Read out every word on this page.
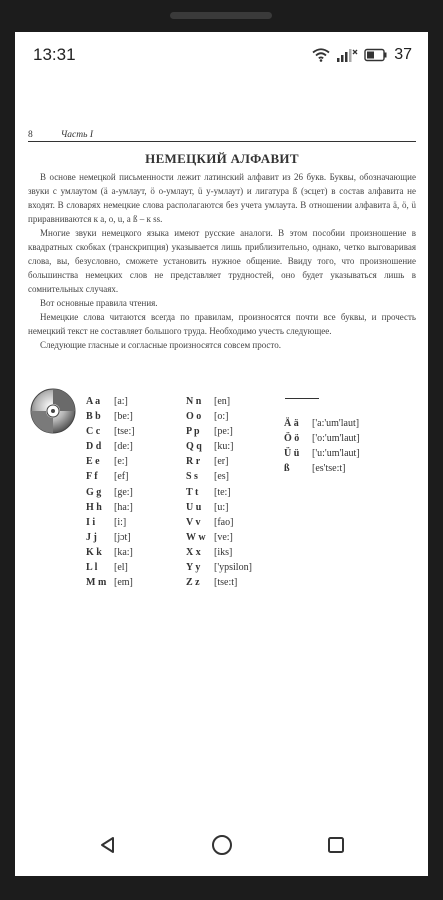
13:31	37
8	Часть I
НЕМЕЦКИЙ АЛФАВИТ

В основе немецкой письменности лежит латинский алфавит из 26 букв. Буквы, обозначающие звуки с умлаутом (ä а-умлаут, ö о-умлаут, ü у-умлаут) и лигатура ß (эсцет) в состав алфавита не входят. В словарях немецкие слова располагаются без учета умлаута. В отношении алфавита ä, ö, ü приравниваются к a, o, u, а ß – к ss.

Многие звуки немецкого языка имеют русские аналоги. В этом пособии произношение в квадратных скобках (транскрипция) указывается лишь приблизительно, однако, четко выговаривая слова, вы, безусловно, сможете установить нужное общение. Ввиду того, что произношение большинства немецких слов не представляет трудностей, оно будет указываться лишь в сомнительных случаях.

Вот основные правила чтения.

Немецкие слова читаются всегда по правилам, произносятся почти все буквы, и прочесть немецкий текст не составляет большого труда. Необходимо учесть следующее.

Следующие гласные и согласные произносятся совсем просто.

A a	[a:]
B b	[be:]
C c	[tse:]
D d	[de:]
E e	[e:]
F f	[ef]
G g	[ge:]
H h	[ha:]
I i	[i:]
J j	[jɔt]
K k	[ka:]
L l	[el]
M m [em]
N n	[en]
O o	[o:]
P p	[pe:]
Q q	[ku:]
R r	[er]
S s	[es]
T t	[te:]
U u	[u:]
V v	[fao]
W w [ve:]
X x	[iks]
Y y	['ypsilon]
Z z	[tse:t]
Ä ä	['a:'um'laut]
Ö ö	['o:'um'laut]
Ü ü	['u:'um'laut]
ß	[es'tse:t]
